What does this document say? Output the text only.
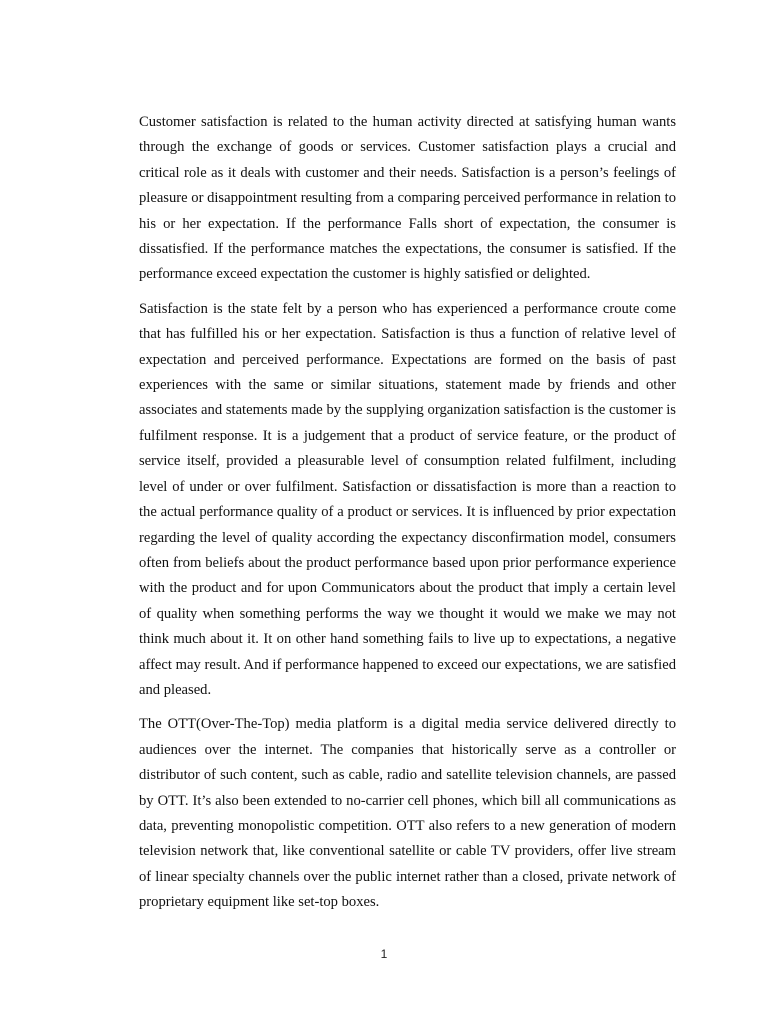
Customer satisfaction is related to the human activity directed at satisfying human wants through the exchange of goods or services. Customer satisfaction plays a crucial and critical role as it deals with customer and their needs. Satisfaction is a person’s feelings of pleasure or disappointment resulting from a comparing perceived performance in relation to his or her expectation. If the performance Falls short of expectation, the consumer is dissatisfied. If the performance matches the expectations, the consumer is satisfied. If the performance exceed expectation the customer is highly satisfied or delighted.

Satisfaction is the state felt by a person who has experienced a performance croute come that has fulfilled his or her expectation. Satisfaction is thus a function of relative level of expectation and perceived performance. Expectations are formed on the basis of past experiences with the same or similar situations, statement made by friends and other associates and statements made by the supplying organization satisfaction is the customer is fulfilment response. It is a judgement that a product of service feature, or the product of service itself, provided a pleasurable level of consumption related fulfilment, including level of under or over fulfilment. Satisfaction or dissatisfaction is more than a reaction to the actual performance quality of a product or services. It is influenced by prior expectation regarding the level of quality according the expectancy disconfirmation model, consumers often from beliefs about the product performance based upon prior performance experience with the product and for upon Communicators about the product that imply a certain level of quality when something performs the way we thought it would we make we may not think much about it. It on other hand something fails to live up to expectations, a negative affect may result. And if performance happened to exceed our expectations, we are satisfied and pleased.

The OTT(Over-The-Top) media platform is a digital media service delivered directly to audiences over the internet. The companies that historically serve as a controller or distributor of such content, such as cable, radio and satellite television channels, are passed by OTT. It’s also been extended to no-carrier cell phones, which bill all communications as data, preventing monopolistic competition. OTT also refers to a new generation of modern television network that, like conventional satellite or cable TV providers, offer live stream of linear specialty channels over the public internet rather than a closed, private network of proprietary equipment like set-top boxes.

1
